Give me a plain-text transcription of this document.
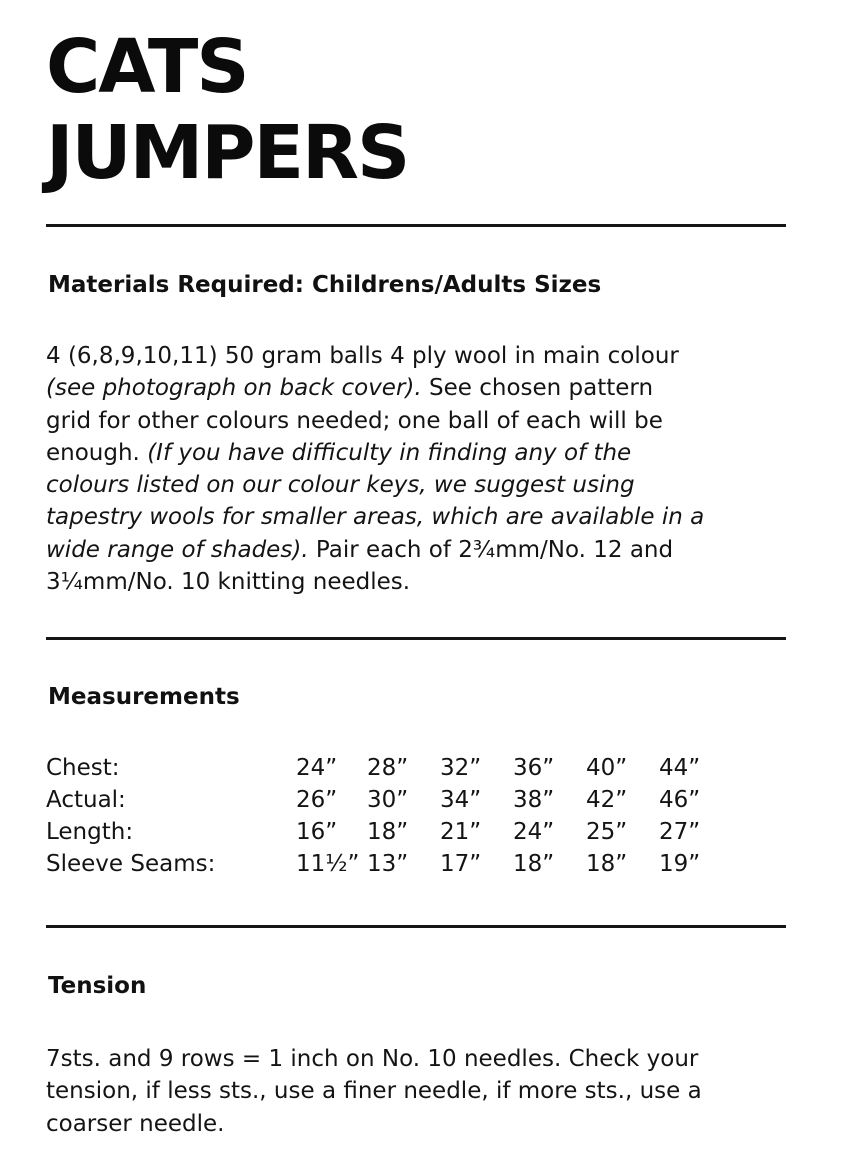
CATS
JUMPERS
Materials Required: Childrens/Adults Sizes

4 (6,8,9,10,11) 50 gram balls 4 ply wool in main colour
(see photograph on back cover). See chosen pattern
grid for other colours needed; one ball of each will be
enough. (If you have difficulty in finding any of the
colours listed on our colour keys, we suggest using
tapestry wools for smaller areas, which are available in a
wide range of shades). Pair each of 2¾mm/No. 12 and
3¼mm/No. 10 knitting needles.

Measurements
Chest:	24”	28”	32”	36”	40”	44”
Actual:	26”	30”	34”	38”	42”	46”
Length:	16”	18”	21”	24”	25”	27”
Sleeve Seams:	11½”	13”	17”	18”	18”	19”
Tension

7sts. and 9 rows = 1 inch on No. 10 needles. Check your
tension, if less sts., use a finer needle, if more sts., use a
coarser needle.
